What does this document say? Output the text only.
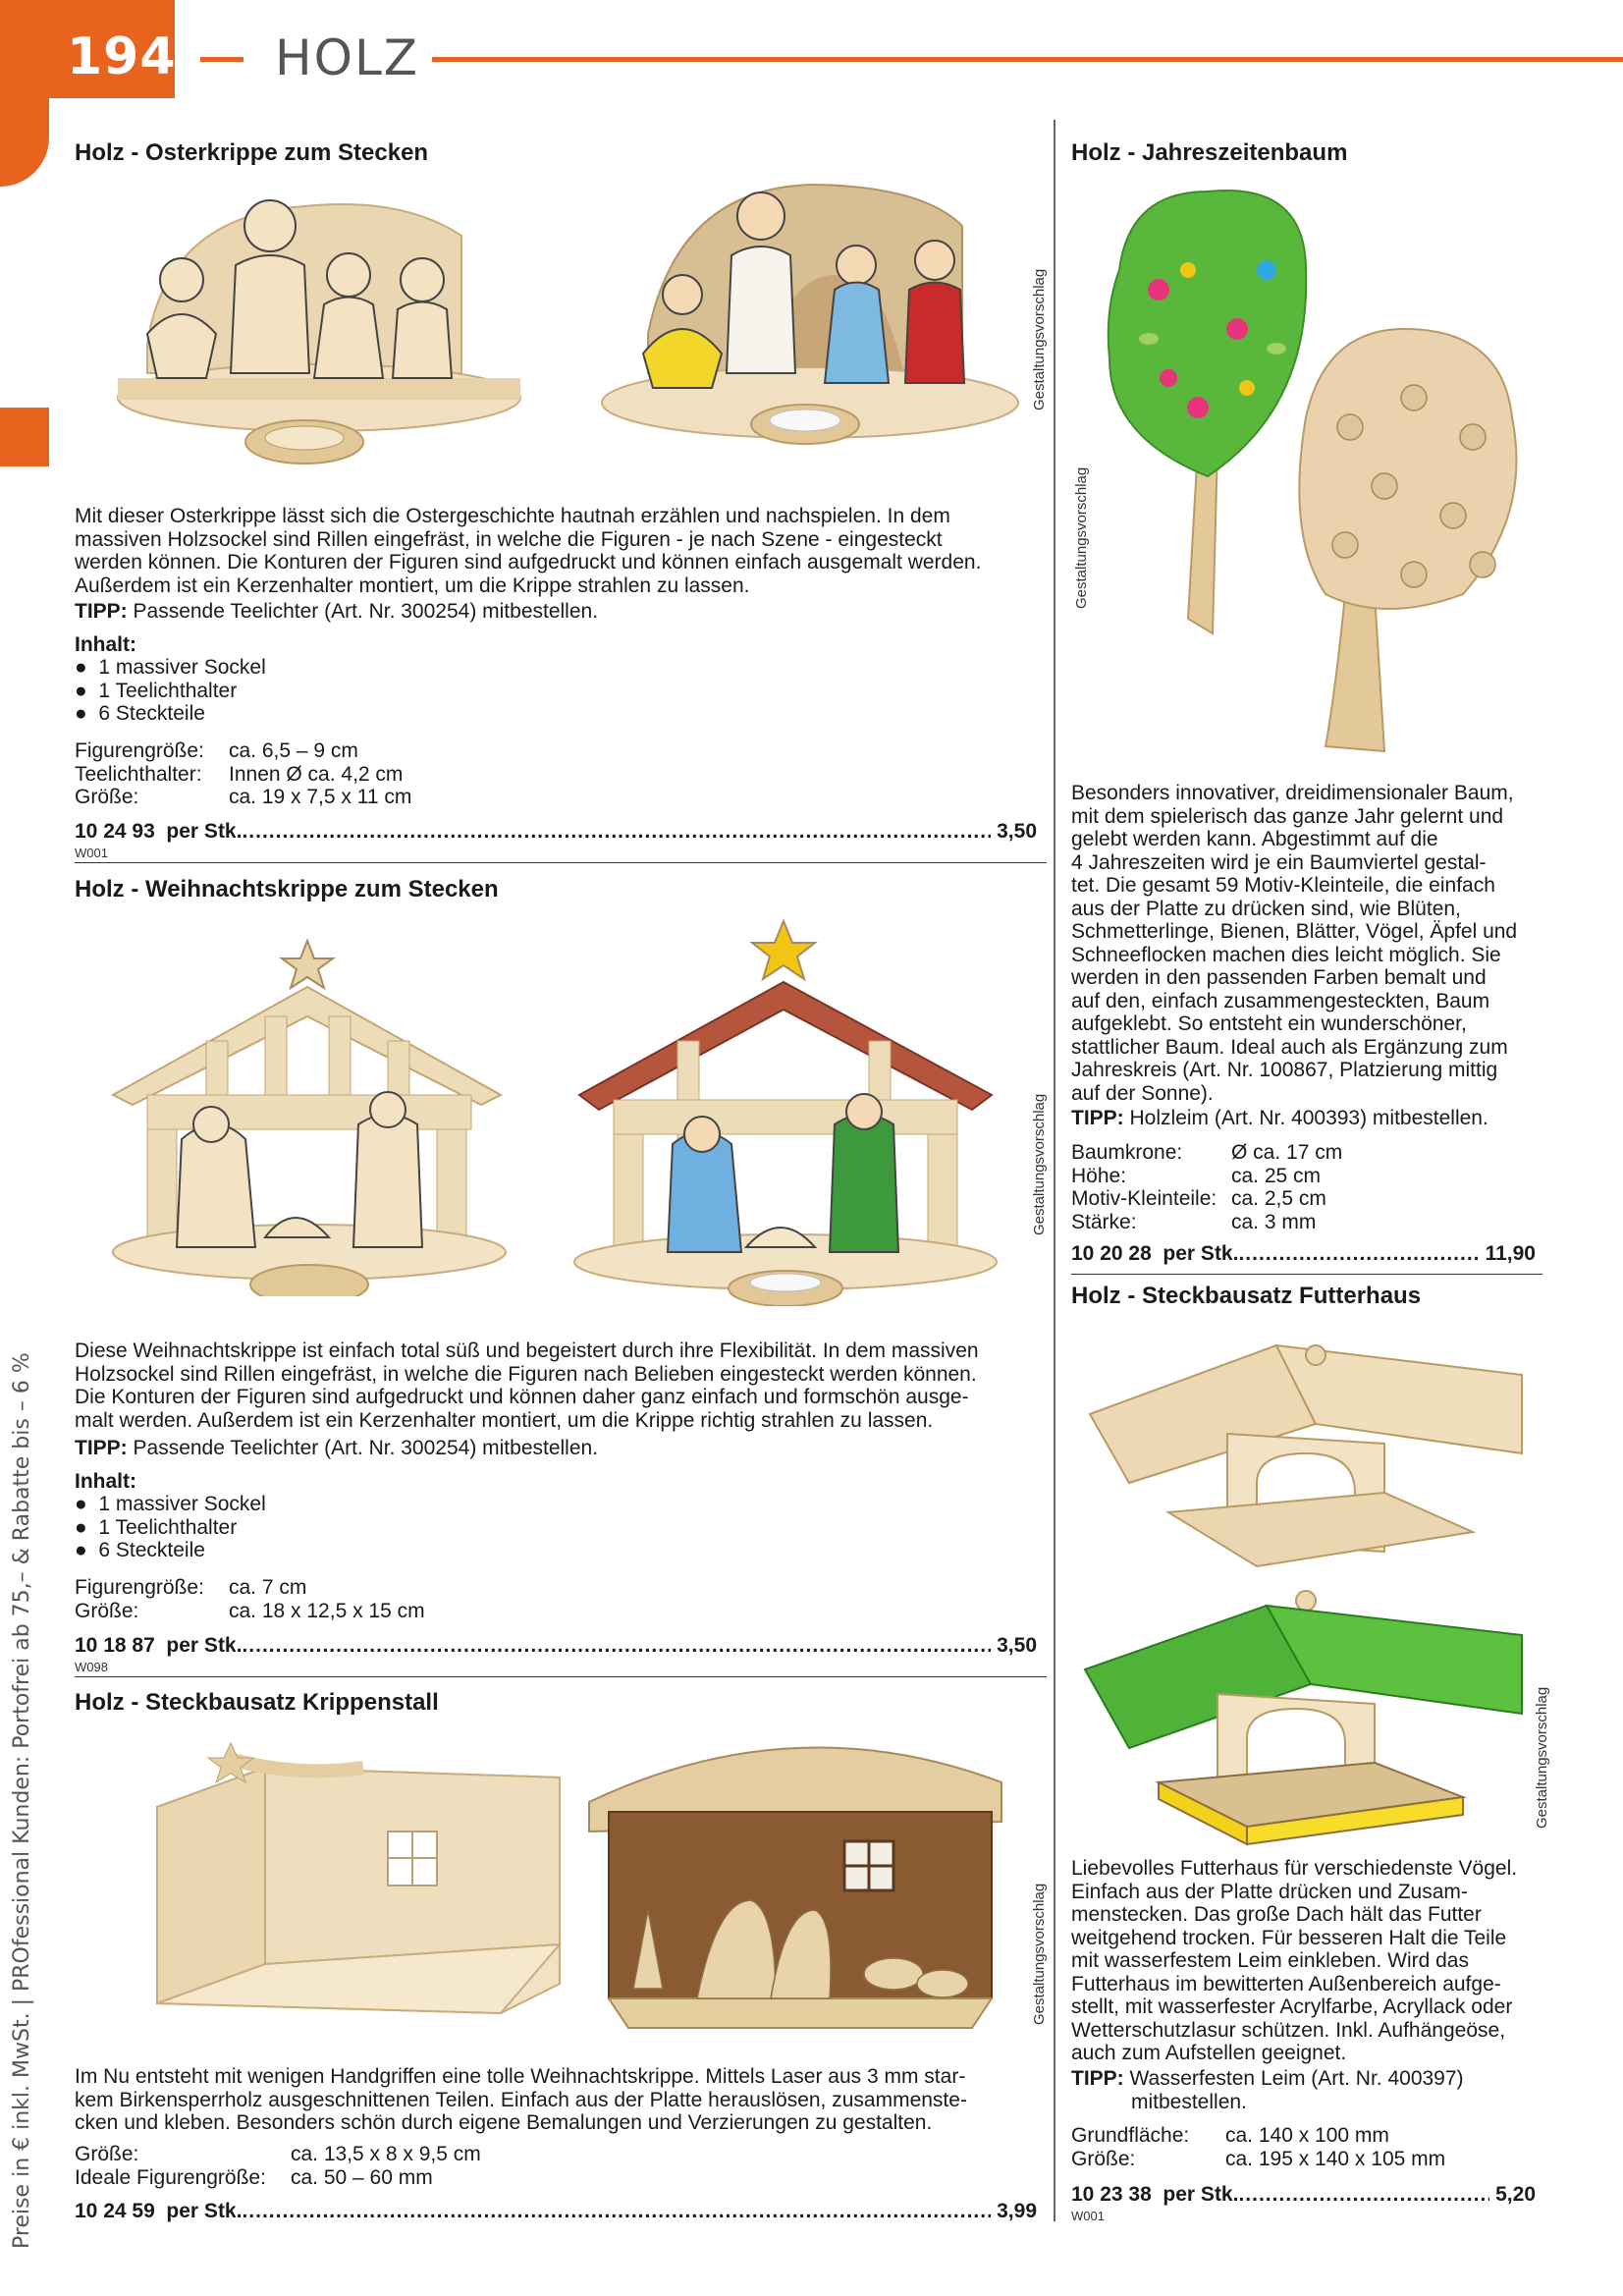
194 HOLZ
Preise in € inkl. MwSt. | PROfessional Kunden: Portofrei ab 75,– & Rabatte bis – 6 %
Holz - Osterkrippe zum Stecken
Gestaltungsvorschlag
Mit dieser Osterkrippe lässt sich die Ostergeschichte hautnah erzählen und nachspielen. In dem
massiven Holzsockel sind Rillen eingefräst, in welche die Figuren - je nach Szene - eingesteckt
werden können. Die Konturen der Figuren sind aufgedruckt und können einfach ausgemalt werden.
Außerdem ist ein Kerzenhalter montiert, um die Krippe strahlen zu lassen.
TIPP: Passende Teelichter (Art. Nr. 300254) mitbestellen.
Inhalt:
●  1 massiver Sockel
●  1 Teelichthalter
●  6 Steckteile
Figurengröße:	ca. 6,5 – 9 cm
Teelichthalter:	Innen Ø ca. 4,2 cm
Größe:	ca. 19 x 7,5 x 11 cm
10 24 93
per Stk. .....
	3,50
W001
Holz - Weihnachtskrippe zum Stecken
Gestaltungsvorschlag
Diese Weihnachtskrippe ist einfach total süß und begeistert durch ihre Flexibilität. In dem massiven
Holzsockel sind Rillen eingefräst, in welche die Figuren nach Belieben eingesteckt werden können.
Die Konturen der Figuren sind aufgedruckt und können daher ganz einfach und formschön ausge-
malt werden. Außerdem ist ein Kerzenhalter montiert, um die Krippe richtig strahlen zu lassen.
TIPP: Passende Teelichter (Art. Nr. 300254) mitbestellen.
Inhalt:
●  1 massiver Sockel
●  1 Teelichthalter
●  6 Steckteile
Figurengröße:	ca. 7 cm
Größe:	ca. 18 x 12,5 x 15 cm
10 18 87
per Stk. .....
	3,50
W098
Holz - Steckbausatz Krippenstall
Gestaltungsvorschlag
Im Nu entsteht mit wenigen Handgriffen eine tolle Weihnachtskrippe. Mittels Laser aus 3 mm star-
kem Birkensperrholz ausgeschnittenen Teilen. Einfach aus der Platte herauslösen, zusammenste-
cken und kleben. Besonders schön durch eigene Bemalungen und Verzierungen zu gestalten.
Größe:	ca. 13,5 x 8 x 9,5 cm
Ideale Figurengröße:	ca. 50 – 60 mm
10 24 59
per Stk. .....
	3,99
Holz - Jahreszeitenbaum
Gestaltungsvorschlag
Besonders innovativer, dreidimensionaler Baum,
mit dem spielerisch das ganze Jahr gelernt und
gelebt werden kann. Abgestimmt auf die
4 Jahreszeiten wird je ein Baumviertel gestal-
tet. Die gesamt 59 Motiv-Kleinteile, die einfach
aus der Platte zu drücken sind, wie Blüten,
Schmetterlinge, Bienen, Blätter, Vögel, Äpfel und
Schneeflocken machen dies leicht möglich. Sie
werden in den passenden Farben bemalt und
auf den, einfach zusammengesteckten, Baum
aufgeklebt. So entsteht ein wunderschöner,
stattlicher Baum. Ideal auch als Ergänzung zum
Jahreskreis (Art. Nr. 100867, Platzierung mittig
auf der Sonne).
TIPP: Holzleim (Art. Nr. 400393) mitbestellen.
Baumkrone:	Ø ca. 17 cm
Höhe:	ca. 25 cm
Motiv-Kleinteile: ca. 2,5 cm
Stärke:	ca. 3 mm
10 20 28
per Stk. .....
	11,90
Holz - Steckbausatz Futterhaus
Gestaltungsvorschlag
Liebevolles Futterhaus für verschiedenste Vögel.
Einfach aus der Platte drücken und Zusam-
menstecken. Das große Dach hält das Futter
weitgehend trocken. Für besseren Halt die Teile
mit wasserfestem Leim einkleben. Wird das
Futterhaus im bewitterten Außenbereich aufge-
stellt, mit wasserfester Acrylfarbe, Acryllack oder
Wetterschutzlasur schützen. Inkl. Aufhängeöse,
auch zum Aufstellen geeignet.
TIPP: Wasserfesten Leim (Art. Nr. 400397)
mitbestellen.
Grundfläche:	ca. 140 x 100 mm
Größe:	ca. 195 x 140 x 105 mm
10 23 38
per Stk. .....
	5,20
W001
